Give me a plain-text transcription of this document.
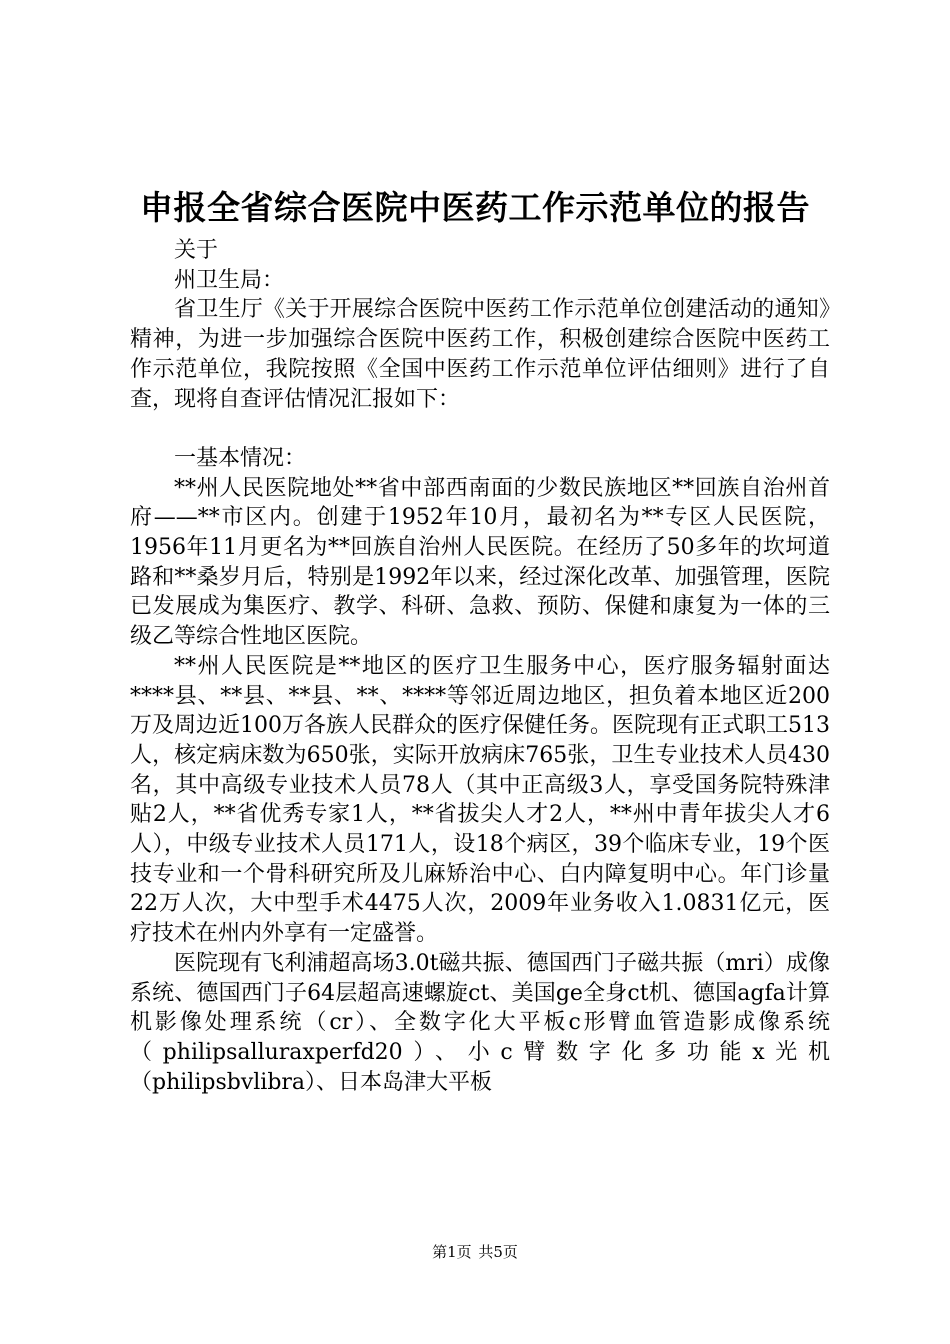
申报全省综合医院中医药工作示范单位的报告

关于

州卫生局：

省卫生厅《关于开展综合医院中医药工作示范单位创建活动的通知》精神，为进一步加强综合医院中医药工作，积极创建综合医院中医药工作示范单位，我院按照《全国中医药工作示范单位评估细则》进行了自查，现将自查评估情况汇报如下：

一基本情况：

**州人民医院地处**省中部西南面的少数民族地区**回族自治州首府——**市区内。创建于1952年10月，最初名为**专区人民医院，1956年11月更名为**回族自治州人民医院。在经历了50多年的坎坷道路和**桑岁月后，特别是1992年以来，经过深化改革、加强管理，医院已发展成为集医疗、教学、科研、急救、预防、保健和康复为一体的三级乙等综合性地区医院。

**州人民医院是**地区的医疗卫生服务中心，医疗服务辐射面达****县、**县、**县、**、****等邻近周边地区，担负着本地区近200万及周边近100万各族人民群众的医疗保健任务。医院现有正式职工513人，核定病床数为650张，实际开放病床765张，卫生专业技术人员430名，其中高级专业技术人员78人（其中正高级3人，享受国务院特殊津贴2人，**省优秀专家1人，**省拔尖人才2人，**州中青年拔尖人才6人），中级专业技术人员171人，设18个病区，39个临床专业，19个医技专业和一个骨科研究所及儿麻矫治中心、白内障复明中心。年门诊量22万人次，大中型手术4475人次，2009年业务收入1.0831亿元，医疗技术在州内外享有一定盛誉。

医院现有飞利浦超高场3.0t磁共振、德国西门子磁共振（mri）成像系统、德国西门子64层超高速螺旋ct、美国ge全身ct机、德国agfa计算机影像处理系统（cr）、全数字化大平板c形臂血管造影成像系统（philipsalluraxperfd20）、小c臂数字化多功能x光机（philipsbvlibra）、日本岛津大平板

第1页 共5页
